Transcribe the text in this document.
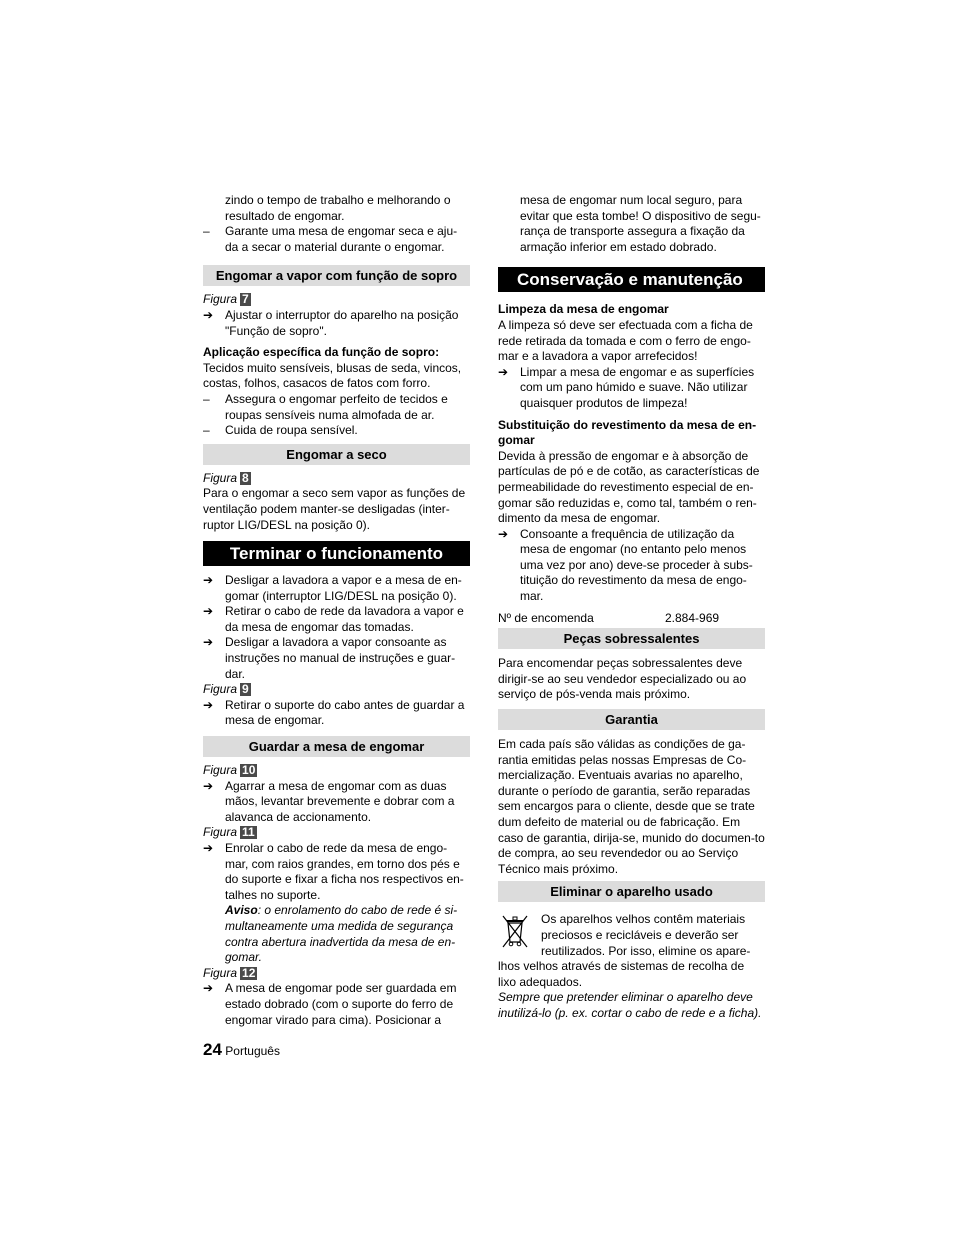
zindo o tempo de trabalho e melhorando o resultado de engomar.

– Garante uma mesa de engomar seca e aju-da a secar o material durante o engomar.
Engomar a vapor com função de sopro

Figura 7

➔ Ajustar o interruptor do aparelho na posição "Função de sopro".

Aplicação específica da função de sopro:

Tecidos muito sensíveis, blusas de seda, vincos, costas, folhos, casacos de fatos com forro.

– Assegura o engomar perfeito de tecidos e roupas sensíveis numa almofada de ar.
– Cuida de roupa sensível.
Engomar a seco

Figura 8

Para o engomar a seco sem vapor as funções de ventilação podem manter-se desligadas (inter-ruptor LIG/DESL na posição 0).

Terminar o funcionamento
➔ Desligar a lavadora a vapor e a mesa de en-gomar (interruptor LIG/DESL na posição 0).
➔ Retirar o cabo de rede da lavadora a vapor e da mesa de engomar das tomadas.
➔ Desligar a lavadora a vapor consoante as instruções no manual de instruções e guar-dar.

Figura 9

➔ Retirar o suporte do cabo antes de guardar a mesa de engomar.
Guardar a mesa de engomar

Figura 10

➔ Agarrar a mesa de engomar com as duas mãos, levantar brevemente e dobrar com a alavanca de accionamento.

Figura 11

➔ Enrolar o cabo de rede da mesa de engo-mar, com raios grandes, em torno dos pés e do suporte e fixar a ficha nos respectivos en-talhes no suporte.

Aviso: o enrolamento do cabo de rede é si-multaneamente uma medida de segurança contra abertura inadvertida da mesa de en-gomar.

Figura 12

➔ A mesa de engomar pode ser guardada em estado dobrado (com o suporte do ferro de engomar virado para cima). Posicionar a

mesa de engomar num local seguro, para evitar que esta tombe! O dispositivo de segu-rança de transporte assegura a fixação da armação inferior em estado dobrado.

Conservação e manutenção

Limpeza da mesa de engomar

A limpeza só deve ser efectuada com a ficha de rede retirada da tomada e com o ferro de engo-mar e a lavadora a vapor arrefecidos!

➔ Limpar a mesa de engomar e as superfícies com um pano húmido e suave. Não utilizar quaisquer produtos de limpeza!

Substituição do revestimento da mesa de en-gomar

Devida à pressão de engomar e à absorção de partículas de pó e de cotão, as características de permeabilidade do revestimento especial de en-gomar são reduzidas e, como tal, também o ren-dimento da mesa de engomar.

➔ Consoante a frequência de utilização da mesa de engomar (no entanto pelo menos uma vez por ano) deve-se proceder à subs-tituição do revestimento da mesa de engo-mar.
Nº de encomenda	2.884-969
Peças sobressalentes

Para encomendar peças sobressalentes deve dirigir-se ao seu vendedor especializado ou ao serviço de pós-venda mais próximo.

Garantia

Em cada país são válidas as condições de ga-rantia emitidas pelas nossas Empresas de Co-mercialização. Eventuais avarias no aparelho, durante o período de garantia, serão reparadas sem encargos para o cliente, desde que se trate dum defeito de material ou de fabricação. Em caso de garantia, dirija-se, munido do documen-to de compra, ao seu revendedor ou ao Serviço Técnico mais próximo.

Eliminar o aparelho usado

Os aparelhos velhos contêm materiais preciosos e recicláveis e deverão ser reutilizados. Por isso, elimine os apare-lhos velhos através de sistemas de recolha de lixo adequados.

Sempre que pretender eliminar o aparelho deve inutilizá-lo (p. ex. cortar o cabo de rede e a ficha).

24 Português
